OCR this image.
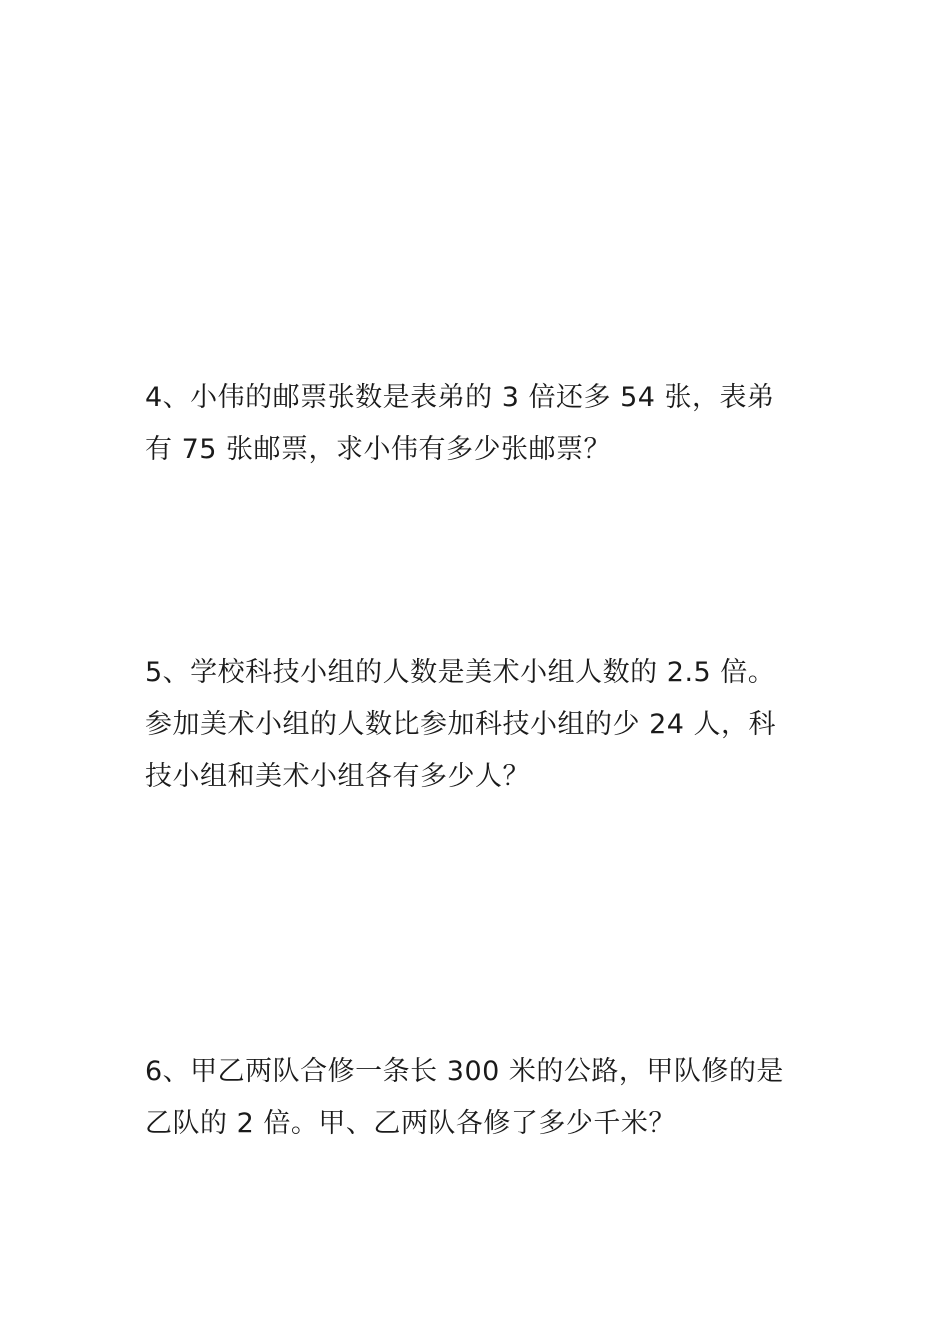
4、小伟的邮票张数是表弟的 3 倍还多 54 张，表弟
有 75 张邮票，求小伟有多少张邮票？
5、学校科技小组的人数是美术小组人数的 2.5 倍。
参加美术小组的人数比参加科技小组的少 24 人，科
技小组和美术小组各有多少人？
6、甲乙两队合修一条长 300 米的公路，甲队修的是
乙队的 2 倍。甲、乙两队各修了多少千米？
